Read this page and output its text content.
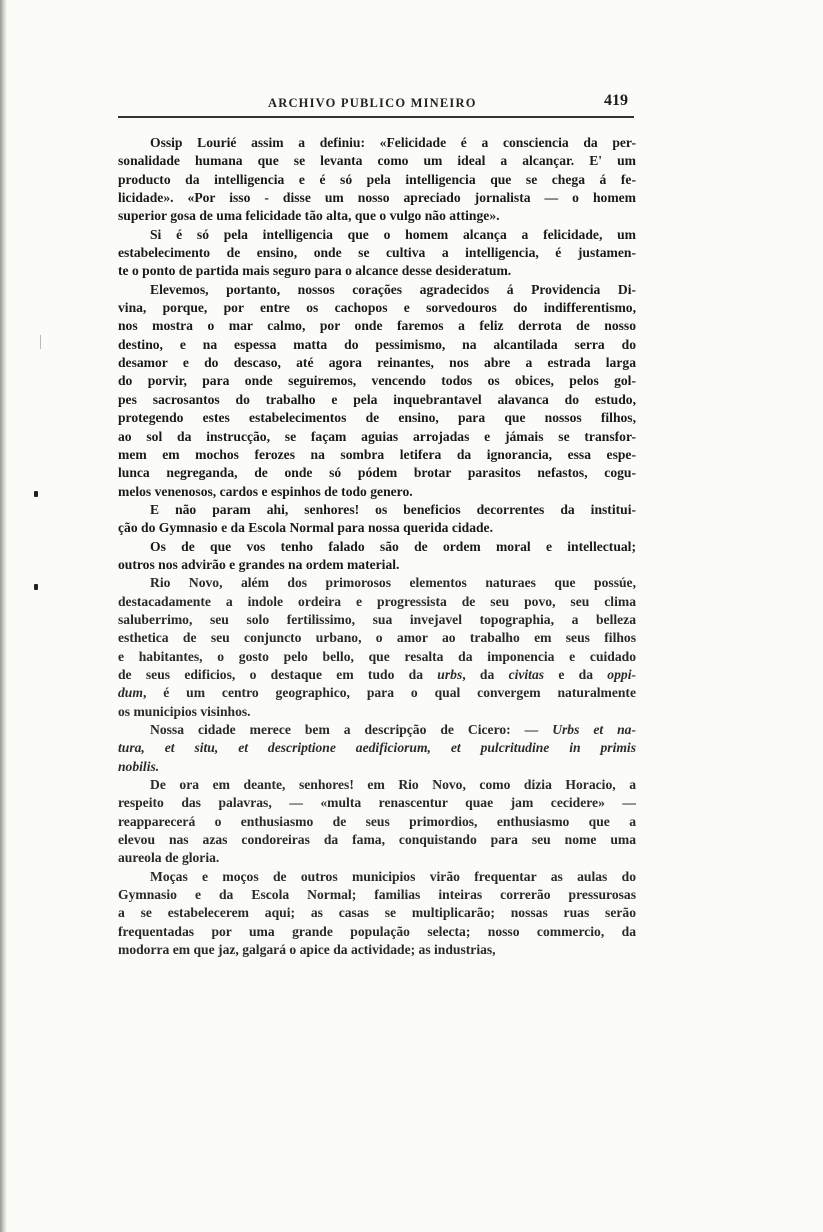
ARCHIVO PUBLICO MINEIRO	419
Ossip Lourié assim a definiu: «Felicidade é a consciencia da per-
sonalidade humana que se levanta como um ideal a alcançar. E' um
producto da intelligencia e é só pela intelligencia que se chega á fe-
licidade». «Por isso - disse um nosso apreciado jornalista — o homem
superior gosa de uma felicidade tão alta, que o vulgo não attinge».
Si é só pela intelligencia que o homem alcança a felicidade, um
estabelecimento de ensino, onde se cultiva a intelligencia, é justamen-
te o ponto de partida mais seguro para o alcance desse desideratum.
Elevemos, portanto, nossos corações agradecidos á Providencia Di-
vina, porque, por entre os cachopos e sorvedouros do indifferentismo,
nos mostra o mar calmo, por onde faremos a feliz derrota de nosso
destino, e na espessa matta do pessimismo, na alcantilada serra do
desamor e do descaso, até agora reinantes, nos abre a estrada larga
do porvir, para onde seguiremos, vencendo todos os obices, pelos gol-
pes sacrosantos do trabalho e pela inquebrantavel alavanca do estudo,
protegendo estes estabelecimentos de ensino, para que nossos filhos,
ao sol da instrucção, se façam aguias arrojadas e jámais se transfor-
mem em mochos ferozes na sombra letifera da ignorancia, essa espe-
lunca negreganda, de onde só pódem brotar parasitos nefastos, cogu-
melos venenosos, cardos e espinhos de todo genero.
E não param ahi, senhores! os beneficios decorrentes da institui-
ção do Gymnasio e da Escola Normal para nossa querida cidade.
Os de que vos tenho falado são de ordem moral e intellectual;
outros nos advirão e grandes na ordem material.
Rio Novo, além dos primorosos elementos naturaes que possúe,
destacadamente a indole ordeira e progressista de seu povo, seu clima
saluberrimo, seu solo fertilissimo, sua invejavel topographia, a belleza
esthetica de seu conjuncto urbano, o amor ao trabalho em seus filhos
e habitantes, o gosto pelo bello, que resalta da imponencia e cuidado
de seus edificios, o destaque em tudo da urbs, da civitas e da oppi-
dum, é um centro geographico, para o qual convergem naturalmente
os municipios visinhos.
Nossa cidade merece bem a descripção de Cicero: — Urbs et na-
tura, et situ, et descriptione aedificiorum, et pulcritudine in primis
nobilis.
De ora em deante, senhores! em Rio Novo, como dizia Horacio, a
respeito das palavras, — «multa renascentur quae jam cecidere» —
reapparecerá o enthusiasmo de seus primordios, enthusiasmo que a
elevou nas azas condoreiras da fama, conquistando para seu nome uma
aureola de gloria.
Moças e moços de outros municipios virão frequentar as aulas do
Gymnasio e da Escola Normal; familias inteiras correrão pressurosas
a se estabelecerem aqui; as casas se multiplicarão; nossas ruas serão
frequentadas por uma grande população selecta; nosso commercio, da
modorra em que jaz, galgará o apice da actividade; as industrias,
